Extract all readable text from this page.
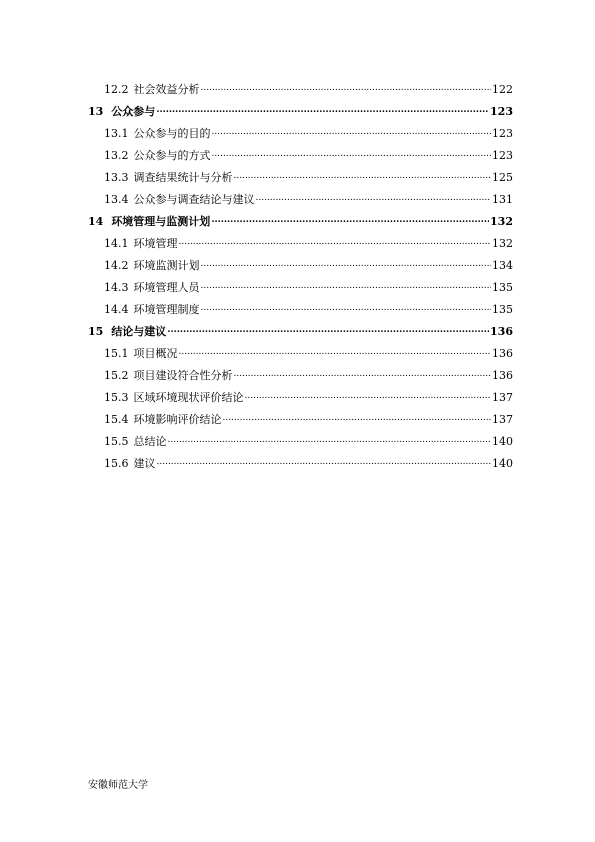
12.2 社会效益分析 .....	122
13 公众参与 .....	123
13.1 公众参与的目的 .....	123
13.2 公众参与的方式 .....	123
13.3 调查结果统计与分析 .....	125
13.4 公众参与调查结论与建议 .....	131
14 环境管理与监测计划 .....	132
14.1 环境管理 .....	132
14.2 环境监测计划 .....	134
14.3 环境管理人员 .....	135
14.4 环境管理制度 .....	135
15 结论与建议 .....	136
15.1 项目概况 .....	136
15.2 项目建设符合性分析 .....	136
15.3 区域环境现状评价结论 .....	137
15.4 环境影响评价结论 .....	137
15.5 总结论 .....	140
15.6 建议 .....	140
安徽师范大学
